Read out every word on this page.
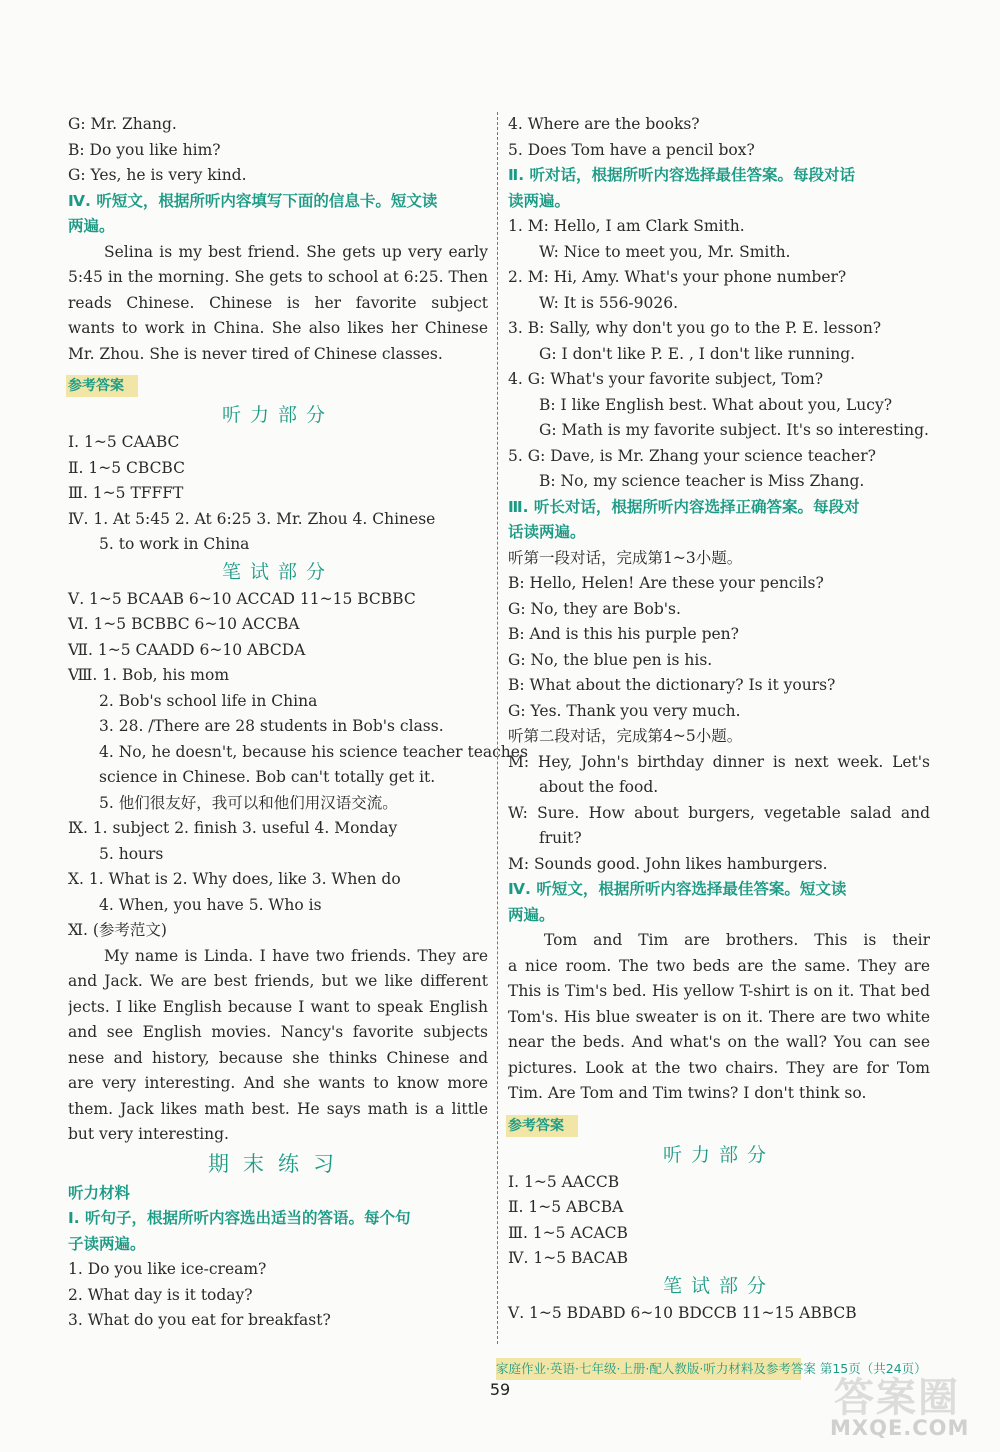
G: Mr. Zhang.
B: Do you like him?
G: Yes, he is very kind.
Ⅳ. 听短文，根据所听内容填写下面的信息卡。短文读
两遍。
Selina is my best friend. She gets up very early
5:45 in the morning. She gets to school at 6:25. Then
reads Chinese. Chinese is her favorite subject
wants to work in China. She also likes her Chinese
Mr. Zhou. She is never tired of Chinese classes.
参考答案
听力部分
Ⅰ. 1~5 CAABC
Ⅱ. 1~5 CBCBC
Ⅲ. 1~5 TFFFT
Ⅳ. 1. At 5:45 2. At 6:25 3. Mr. Zhou 4. Chinese
5. to work in China
笔试部分
Ⅴ. 1~5 BCAAB 6~10 ACCAD 11~15 BCBBC
Ⅵ. 1~5 BCBBC 6~10 ACCBA
Ⅶ. 1~5 CAADD 6~10 ABCDA
Ⅷ. 1. Bob, his mom
2. Bob's school life in China
3. 28. /There are 28 students in Bob's class.
4. No, he doesn't, because his science teacher teaches
science in Chinese. Bob can't totally get it.
5. 他们很友好，我可以和他们用汉语交流。
Ⅸ. 1. subject 2. finish 3. useful 4. Monday
5. hours
Ⅹ. 1. What is 2. Why does, like 3. When do
4. When, you have 5. Who is
Ⅺ. (参考范文)
My name is Linda. I have two friends. They are
and Jack. We are best friends, but we like different
jects. I like English because I want to speak English
and see English movies. Nancy's favorite subjects
nese and history, because she thinks Chinese and
are very interesting. And she wants to know more
them. Jack likes math best. He says math is a little
but very interesting.
期末练习
听力材料
Ⅰ. 听句子，根据所听内容选出适当的答语。每个句
子读两遍。
1. Do you like ice-cream?
2. What day is it today?
3. What do you eat for breakfast?
4. Where are the books?
5. Does Tom have a pencil box?
Ⅱ. 听对话，根据所听内容选择最佳答案。每段对话
读两遍。
1. M: Hello, I am Clark Smith.
W: Nice to meet you, Mr. Smith.
2. M: Hi, Amy. What's your phone number?
W: It is 556-9026.
3. B: Sally, why don't you go to the P. E. lesson?
G: I don't like P. E. , I don't like running.
4. G: What's your favorite subject, Tom?
B: I like English best. What about you, Lucy?
G: Math is my favorite subject. It's so interesting.
5. G: Dave, is Mr. Zhang your science teacher?
B: No, my science teacher is Miss Zhang.
Ⅲ. 听长对话，根据所听内容选择正确答案。每段对
话读两遍。
听第一段对话，完成第1~3小题。
B: Hello, Helen! Are these your pencils?
G: No, they are Bob's.
B: And is this his purple pen?
G: No, the blue pen is his.
B: What about the dictionary? Is it yours?
G: Yes. Thank you very much.
听第二段对话，完成第4~5小题。
M: Hey, John's birthday dinner is next week. Let's
about the food.
W: Sure. How about burgers, vegetable salad and
fruit?
M: Sounds good. John likes hamburgers.
Ⅳ. 听短文，根据所听内容选择最佳答案。短文读
两遍。
Tom and Tim are brothers. This is their
a nice room. The two beds are the same. They are
This is Tim's bed. His yellow T-shirt is on it. That bed
Tom's. His blue sweater is on it. There are two white
near the beds. And what's on the wall? You can see
pictures. Look at the two chairs. They are for Tom
Tim. Are Tom and Tim twins? I don't think so.
参考答案
听力部分
Ⅰ. 1~5 AACCB
Ⅱ. 1~5 ABCBA
Ⅲ. 1~5 ACACB
Ⅳ. 1~5 BACAB
笔试部分
Ⅴ. 1~5 BDABD 6~10 BDCCB 11~15 ABBCB
家庭作业·英语·七年级·上册·配人教版·听力材料及参考答案 第15页（共24页）
59	答案圈
MXQE.COM
